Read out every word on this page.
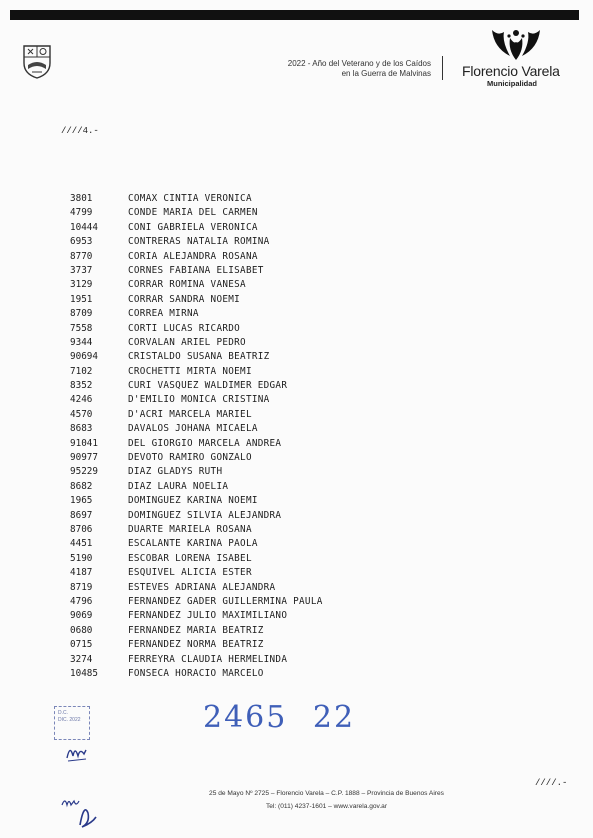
2022 - Año del Veterano y de los Caídos
en la Guerra de Malvinas Florencio Varela
Municipalidad
////4.-
3801	COMAX CINTIA VERONICA
4799	CONDE MARIA DEL CARMEN
10444	CONI GABRIELA VERONICA
6953	CONTRERAS NATALIA ROMINA
8770	CORIA ALEJANDRA ROSANA
3737	CORNES FABIANA ELISABET
3129	CORRAR ROMINA VANESA
1951	CORRAR SANDRA NOEMI
8709	CORREA MIRNA
7558	CORTI LUCAS RICARDO
9344	CORVALAN ARIEL PEDRO
90694	CRISTALDO SUSANA BEATRIZ
7102	CROCHETTI MIRTA NOEMI
8352	CURI VASQUEZ WALDIMER EDGAR
4246	D'EMILIO MONICA CRISTINA
4570	D'ACRI MARCELA MARIEL
8683	DAVALOS JOHANA MICAELA
91041	DEL GIORGIO MARCELA ANDREA
90977	DEVOTO RAMIRO GONZALO
95229	DIAZ GLADYS RUTH
8682	DIAZ LAURA NOELIA
1965	DOMINGUEZ KARINA NOEMI
8697	DOMINGUEZ SILVIA ALEJANDRA
8706	DUARTE MARIELA ROSANA
4451	ESCALANTE KARINA PAOLA
5190	ESCOBAR LORENA ISABEL
4187	ESQUIVEL ALICIA ESTER
8719	ESTEVES ADRIANA ALEJANDRA
4796	FERNANDEZ GADER GUILLERMINA PAULA
9069	FERNANDEZ JULIO MAXIMILIANO
0680	FERNANDEZ MARIA BEATRIZ
0715	FERNANDEZ NORMA BEATRIZ
3274	FERREYRA CLAUDIA HERMELINDA
10485	FONSECA HORACIO MARCELO
D.C.
DIC. 2022	2465 22
////.-
25 de Mayo Nº 2725 – Florencio Varela – C.P. 1888 – Provincia de Buenos Aires
Tel: (011) 4237-1601 – www.varela.gov.ar
